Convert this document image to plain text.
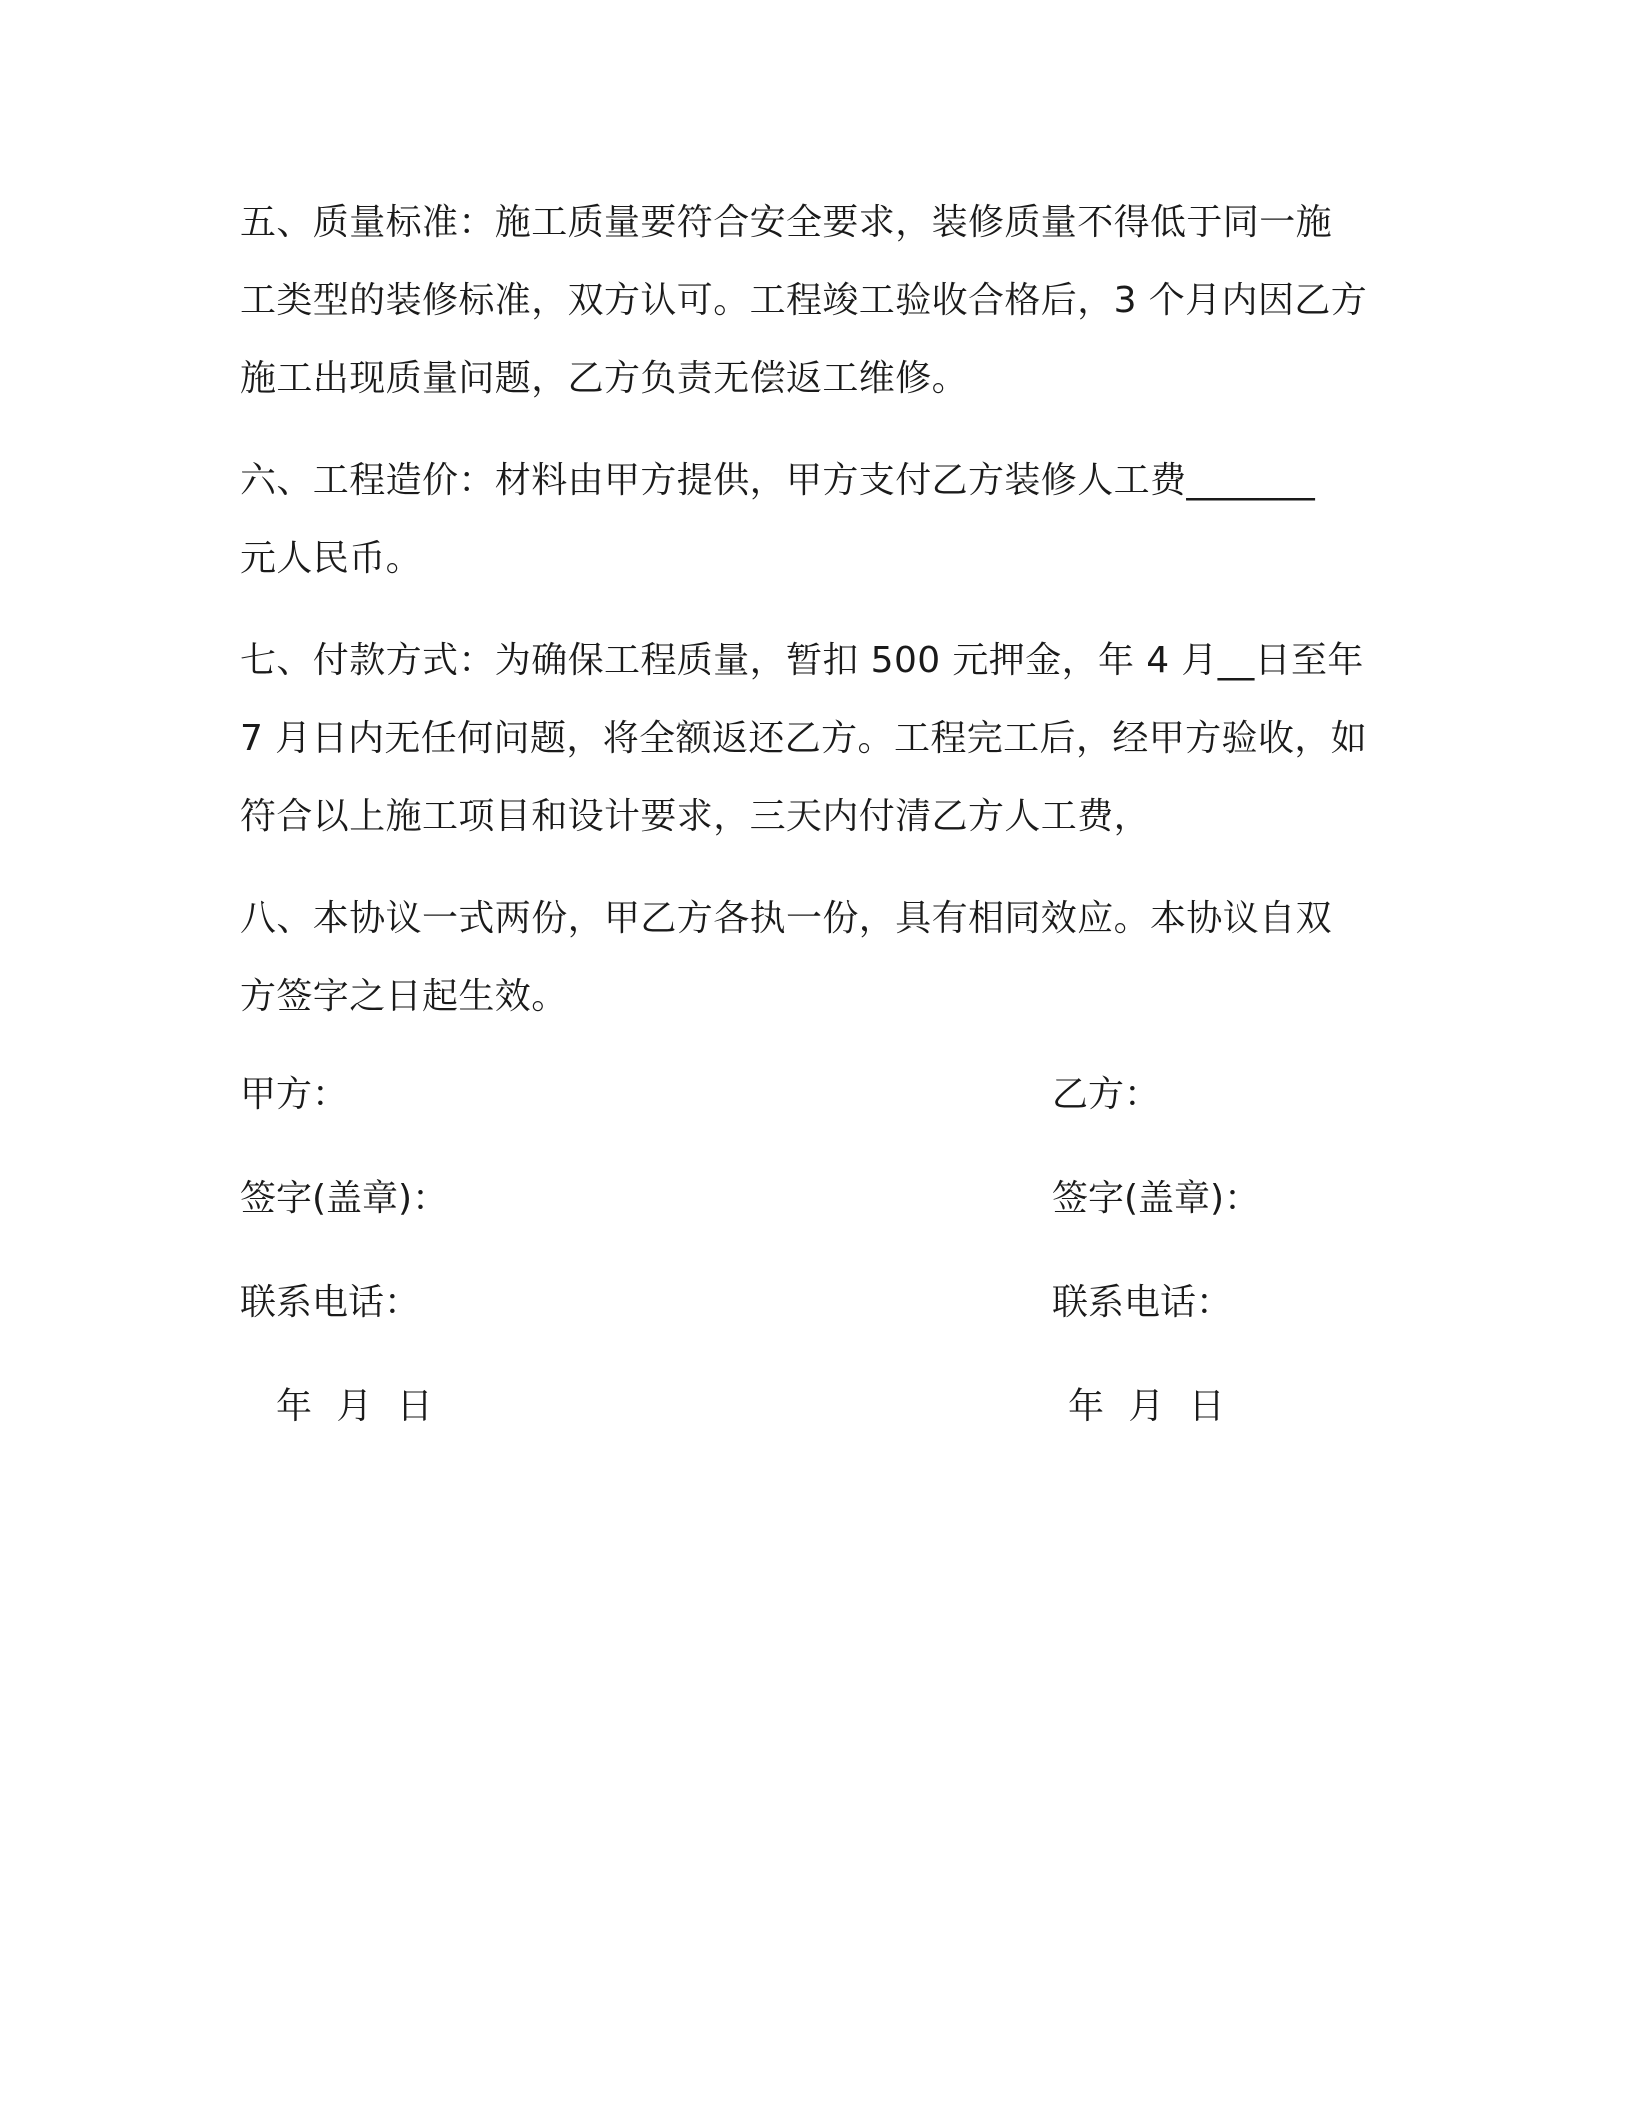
五、质量标准：施工质量要符合安全要求，装修质量不得低于同一施
工类型的装修标准，双方认可。工程竣工验收合格后，3 个月内因乙方
施工出现质量问题，乙方负责无偿返工维修。

六、工程造价：材料由甲方提供，甲方支付乙方装修人工费_______
元人民币。

七、付款方式：为确保工程质量，暂扣 500 元押金，年 4 月__日至年
7 月日内无任何问题，将全额返还乙方。工程完工后，经甲方验收，如
符合以上施工项目和设计要求，三天内付清乙方人工费，

八、本协议一式两份，甲乙方各执一份，具有相同效应。本协议自双
方签字之日起生效。

甲方：
签字(盖章)：
联系电话：
年  月  日
乙方：
签字(盖章)：
联系电话：
年  月  日
